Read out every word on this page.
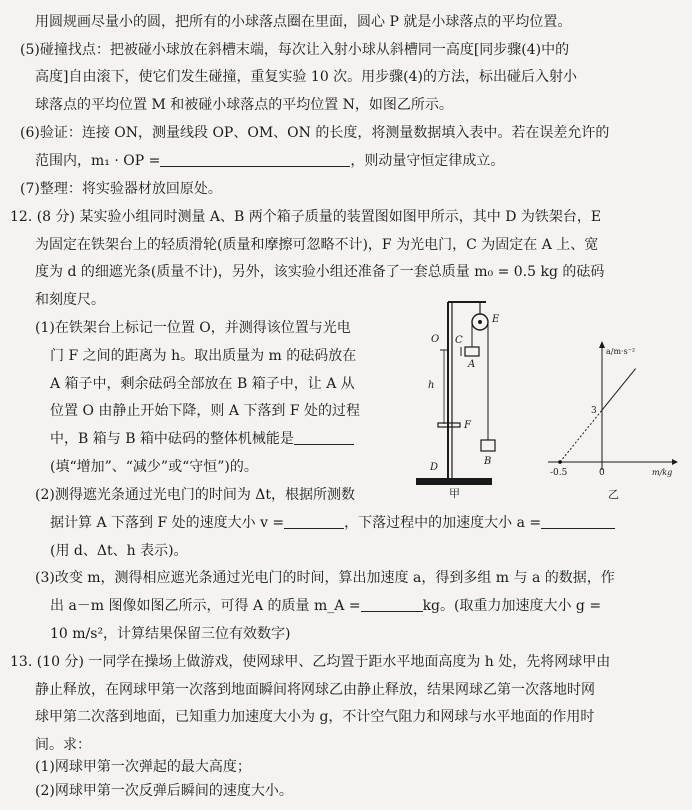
用圆规画尽量小的圆，把所有的小球落点圈在里面，圆心 P 就是小球落点的平均位置。
(5)碰撞找点：把被碰小球放在斜槽末端，每次让入射小球从斜槽同一高度[同步骤(4)中的
高度]自由滚下，使它们发生碰撞，重复实验 10 次。用步骤(4)的方法，标出碰后入射小
球落点的平均位置 M 和被碰小球落点的平均位置 N，如图乙所示。
(6)验证：连接 ON，测量线段 OP、OM、ON 的长度，将测量数据填入表中。若在误差允许的
范围内，m₁ · OP =	，则动量守恒定律成立。
(7)整理：将实验器材放回原处。
12. (8 分) 某实验小组同时测量 A、B 两个箱子质量的装置图如图甲所示，其中 D 为铁架台，E
为固定在铁架台上的轻质滑轮(质量和摩擦可忽略不计)，F 为光电门，C 为固定在 A 上、宽
度为 d 的细遮光条(质量不计)，另外，该实验小组还准备了一套总质量 m₀ = 0.5 kg 的砝码
和刻度尺。
(1)在铁架台上标记一位置 O，并测得该位置与光电
门 F 之间的距离为 h。取出质量为 m 的砝码放在
A 箱子中，剩余砝码全部放在 B 箱子中，让 A 从
位置 O 由静止开始下降，则 A 下落到 F 处的过程
中，B 箱与 B 箱中砝码的整体机械能是
(填“增加”、“减少”或“守恒”)的。
(2)测得遮光条通过光电门的时间为 Δt，根据所测数
据计算 A 下落到 F 处的速度大小 v =	，下落过程中的加速度大小 a =
(用 d、Δt、h 表示)。
(3)改变 m，测得相应遮光条通过光电门的时间，算出加速度 a，得到多组 m 与 a 的数据，作
出 a－m 图像如图乙所示，可得 A 的质量 m_A =	kg。(取重力加速度大小 g =
10 m/s²，计算结果保留三位有效数字)
13. (10 分) 一同学在操场上做游戏，使网球甲、乙均置于距水平地面高度为 h 处，先将网球甲由
静止释放，在网球甲第一次落到地面瞬间将网球乙由静止释放，结果网球乙第一次落地时网
球甲第二次落到地面，已知重力加速度大小为 g，不计空气阻力和网球与水平地面的作用时
间。求：
(1)网球甲第一次弹起的最大高度；
(2)网球甲第一次反弹后瞬间的速度大小。
E
O C
A
h
F
D
B
甲
a/m·s⁻²
m/kg
-0.5	0
3
乙
